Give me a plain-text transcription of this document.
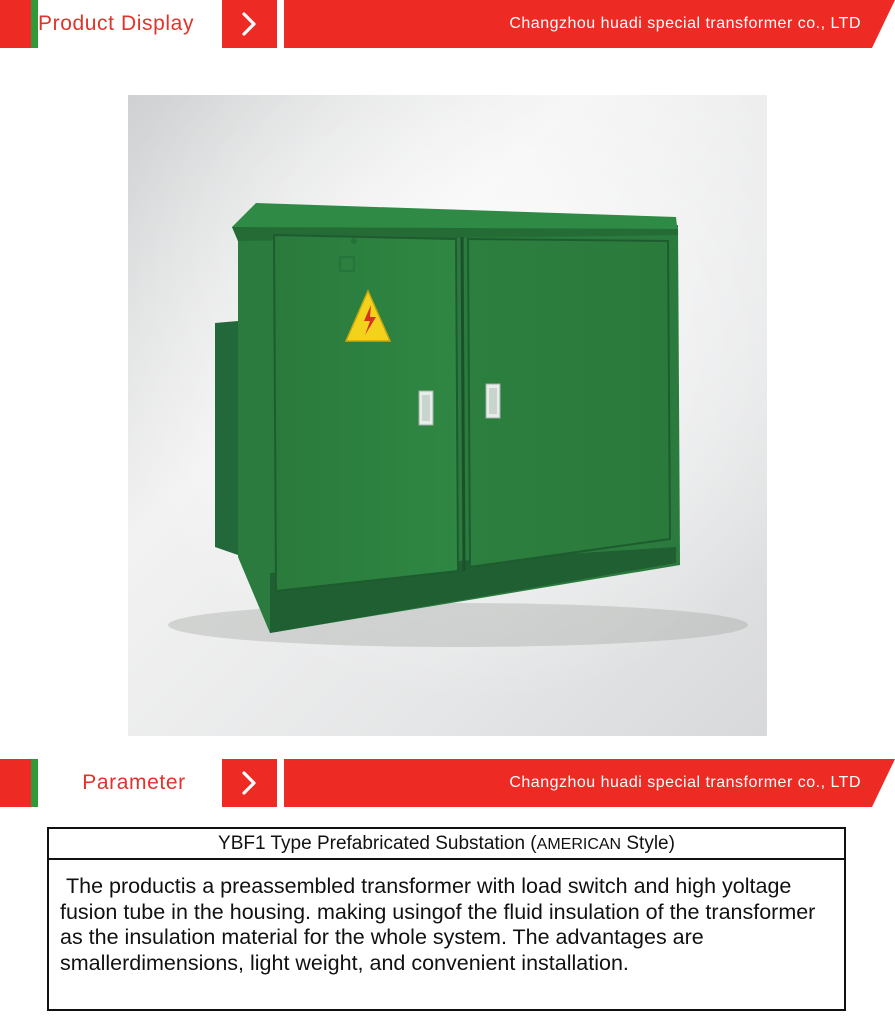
Product Display	Changzhou huadi special transformer co., LTD
Parameter	Changzhou huadi special transformer co., LTD
YBF1 Type Prefabricated Substation (AMERICAN Style)
The productis a preassembled transformer with load switch and high yoltage fusion tube in the housing. making usingof the fluid insulation of the transformer as the insulation material for the whole system. The advantages are smallerdimensions, light weight, and convenient installation.
